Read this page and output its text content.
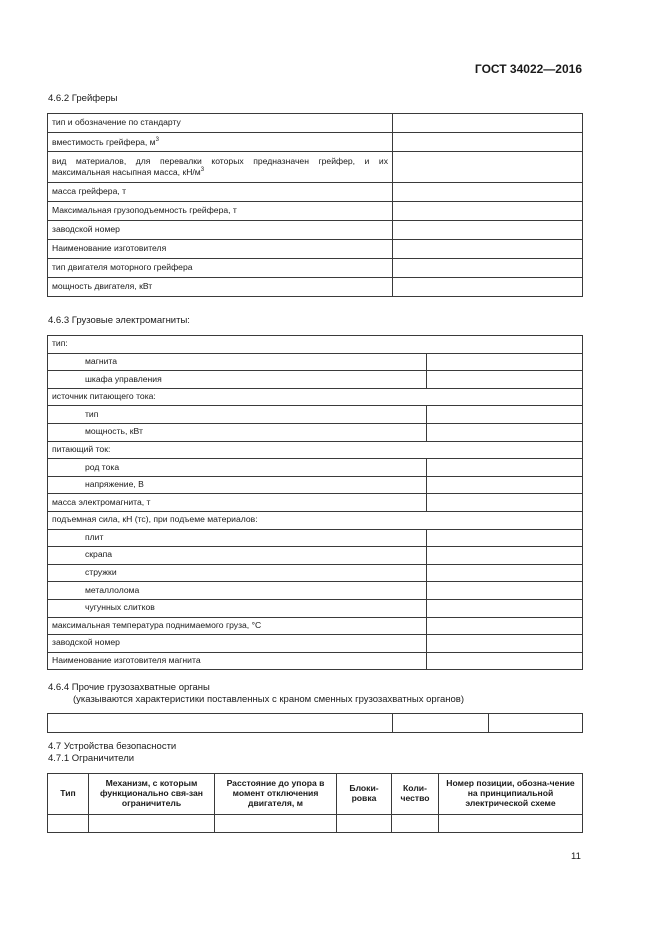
ГОСТ 34022—2016
4.6.2 Грейферы
тип и обозначение по стандарту	
вместимость грейфера, $м^3$	
вид материалов, для перевалки которых предназначен грейфер, и их максимальная насыпная масса, $кН/м^3$	
масса грейфера, т	
Максимальная грузоподъемность грейфера, т	
заводской номер	
Наименование изготовителя	
тип двигателя моторного грейфера	
мощность двигателя, кВт	
4.6.3 Грузовые электромагниты:
тип:	
магнита	
шкафа управления	
источник питающего тока:	
тип	
мощность, кВт	
питающий ток:	
род тока	
напряжение, В	
масса электромагнита, т	
подъемная сила, кН (тс), при подъеме материалов:	
плит	
скрапа	
стружки	
металлолома	
чугунных слитков	
максимальная температура поднимаемого груза, °С	
заводской номер	
Наименование изготовителя магнита	
4.6.4 Прочие грузозахватные органы
(указываются характеристики поставленных с краном сменных грузозахватных органов)

4.7 Устройства безопасности
4.7.1 Ограничители
Тип	Механизм, с которым функционально свя-зан ограничитель	Расстояние до упора в момент отключения двигателя, м	Блоки-ровка	Коли-чество	Номер позиции, обозна-чение на принципиальной электрической схеме

11
